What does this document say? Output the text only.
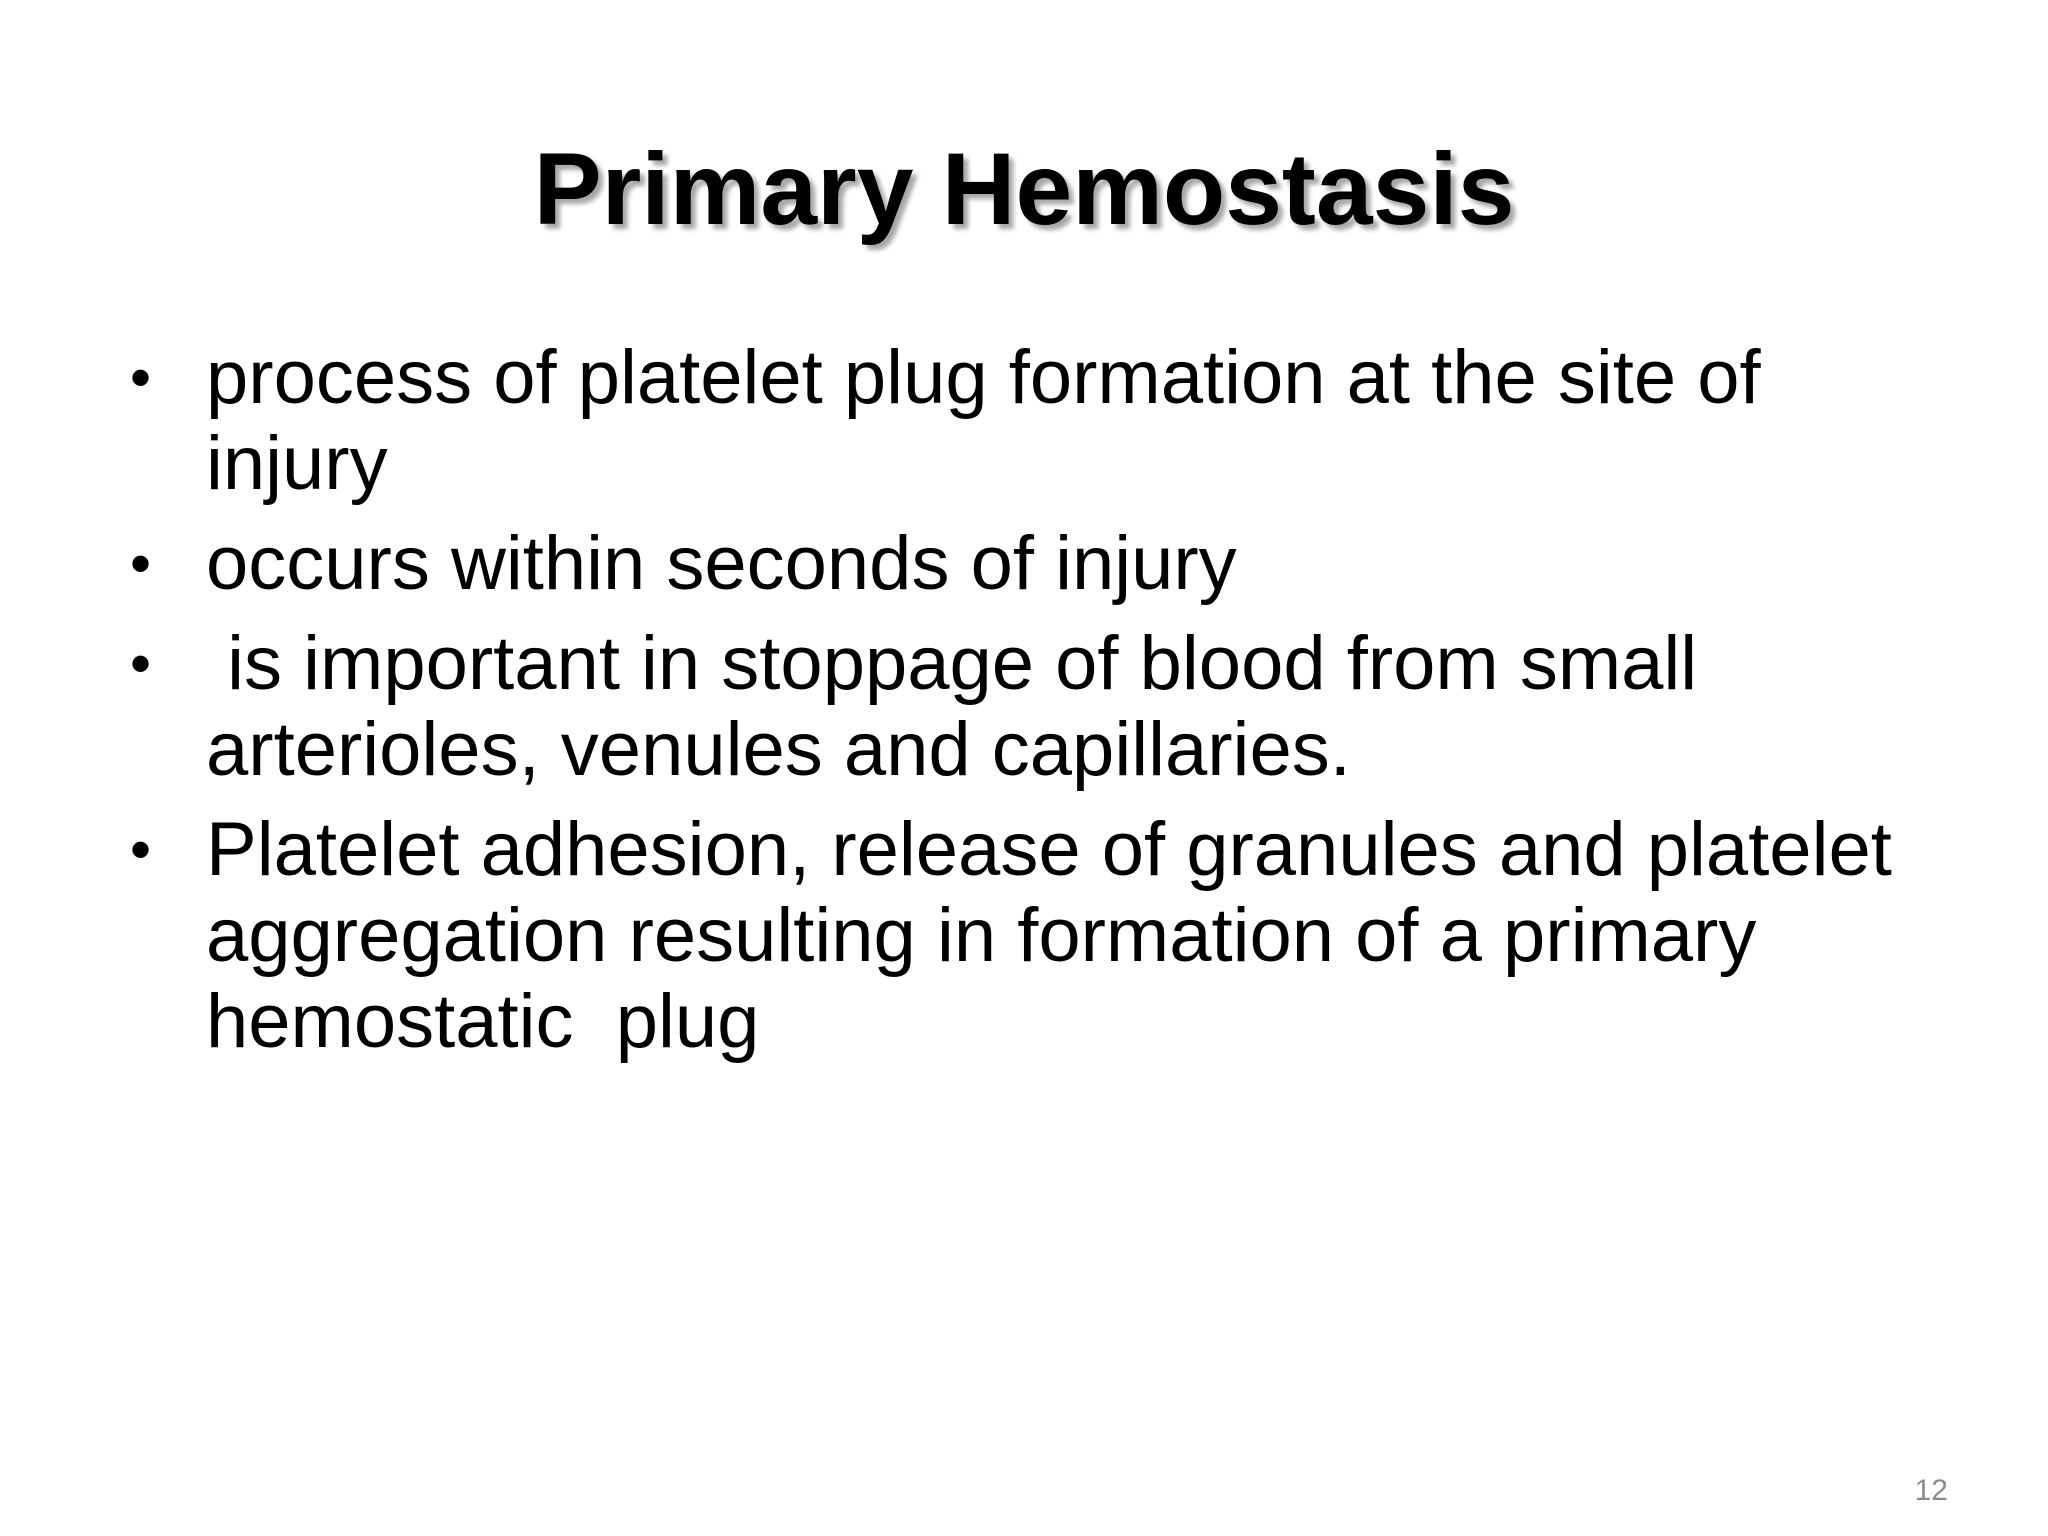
Primary Hemostasis
• process of platelet plug formation at the site of injury
• occurs within seconds of injury
• is important in stoppage of blood from small arterioles, venules and capillaries.
• Platelet adhesion, release of granules and platelet aggregation resulting in formation of a primary hemostatic  plug
12
